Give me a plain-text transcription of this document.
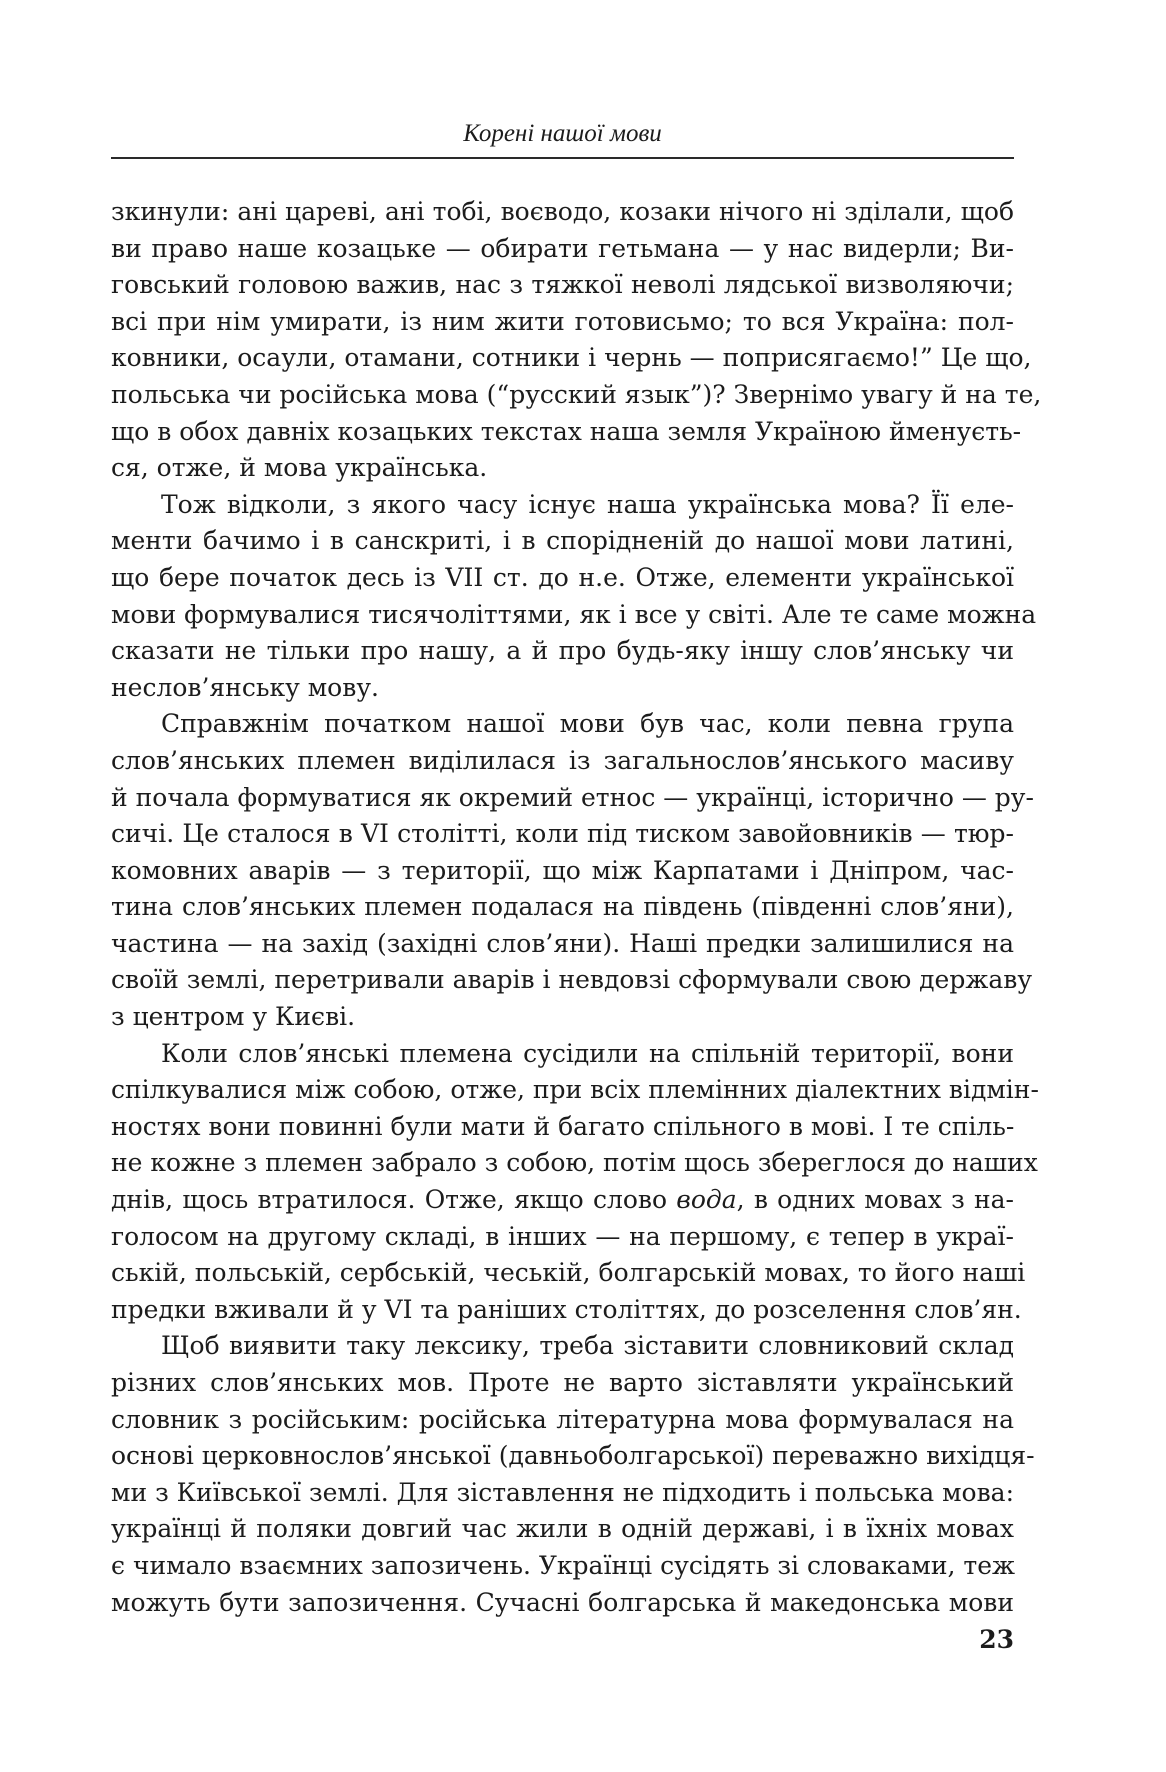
Корені нашої мови
зкинули: ані цареві, ані тобі, воєводо, козаки нічого ні зділали, щоб
ви право наше козацьке — обирати гетьмана — у нас видерли; Ви-
говський головою важив, нас з тяжкої неволі лядської визволяючи;
всі при нім умирати, із ним жити готовисьмо; то вся Україна: пол-
ковники, осаули, отамани, сотники і чернь — поприсягаємо!” Це що,
польська чи російська мова (“русский язык”)? Звернімо увагу й на те,
що в обох давніх козацьких текстах наша земля Україною йменуєть-
ся, отже, й мова українська.
Тож відколи, з якого часу існує наша українська мова? Її еле-
менти бачимо і в санскриті, і в спорідненій до нашої мови латині,
що бере початок десь із VII ст. до н.е. Отже, елементи української
мови формувалися тисячоліттями, як і все у світі. Але те саме можна
сказати не тільки про нашу, а й про будь-яку іншу слов’янську чи
неслов’янську мову.
Справжнім початком нашої мови був час, коли певна група
слов’янських племен виділилася із загальнослов’янського масиву
й почала формуватися як окремий етнос — українці, історично — ру-
сичі. Це сталося в VI столітті, коли під тиском завойовників — тюр-
комовних аварів — з території, що між Карпатами і Дніпром, час-
тина слов’янських племен подалася на південь (південні слов’яни),
частина — на захід (західні слов’яни). Наші предки залишилися на
своїй землі, перетривали аварів і невдовзі сформували свою державу
з центром у Києві.
Коли слов’янські племена сусідили на спільній території, вони
спілкувалися між собою, отже, при всіх племінних діалектних відмін-
ностях вони повинні були мати й багато спільного в мові. І те спіль-
не кожне з племен забрало з собою, потім щось збереглося до наших
днів, щось втратилося. Отже, якщо слово вода, в одних мовах з на-
голосом на другому складі, в інших — на першому, є тепер в украї-
ській, польській, сербській, чеській, болгарській мовах, то його наші
предки вживали й у VI та раніших століттях, до розселення слов’ян.
Щоб виявити таку лексику, треба зіставити словниковий склад
різних слов’янських мов. Проте не варто зіставляти український
словник з російським: російська літературна мова формувалася на
основі церковнослов’янської (давньоболгарської) переважно вихідця-
ми з Київської землі. Для зіставлення не підходить і польська мова:
українці й поляки довгий час жили в одній державі, і в їхніх мовах
є чимало взаємних запозичень. Українці сусідять зі словаками, теж
можуть бути запозичення. Сучасні болгарська й македонська мови
23
